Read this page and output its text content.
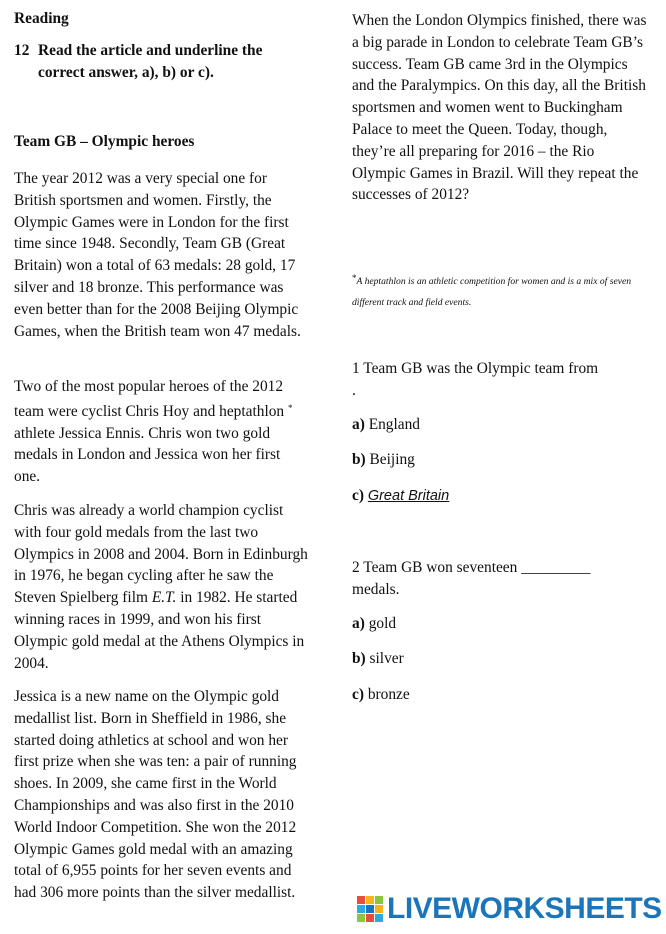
Reading
12 Read the article and underline the correct answer, a), b) or c).
Team GB – Olympic heroes

The year 2012 was a very special one for British sportsmen and women. Firstly, the Olympic Games were in London for the first time since 1948. Secondly, Team GB (Great Britain) won a total of 63 medals: 28 gold, 17 silver and 18 bronze. This performance was even better than for the 2008 Beijing Olympic Games, when the British team won 47 medals.

Two of the most popular heroes of the 2012 team were cyclist Chris Hoy and heptathlon * athlete Jessica Ennis. Chris won two gold medals in London and Jessica won her first one.

Chris was already a world champion cyclist with four gold medals from the last two Olympics in 2008 and 2004. Born in Edinburgh in 1976, he began cycling after he saw the Steven Spielberg film E.T. in 1982. He started winning races in 1999, and won his first Olympic gold medal at the Athens Olympics in 2004.

Jessica is a new name on the Olympic gold medallist list. Born in Sheffield in 1986, she started doing athletics at school and won her first prize when she was ten: a pair of running shoes. In 2009, she came first in the World Championships and was also first in the 2010 World Indoor Competition. She won the 2012 Olympic Games gold medal with an amazing total of 6,955 points for her seven events and had 306 more points than the silver medallist.

When the London Olympics finished, there was a big parade in London to celebrate Team GB’s success. Team GB came 3rd in the Olympics and the Paralympics. On this day, all the British sportsmen and women went to Buckingham Palace to meet the Queen. Today, though, they’re all preparing for 2016 – the Rio Olympic Games in Brazil. Will they repeat the successes of 2012?

*A heptathlon is an athletic competition for women and is a mix of seven different track and field events.
1 Team GB was the Olympic team from
.
a) England
b) Beijing
c) Great Britain
2 Team GB won seventeen _________
medals.
a) gold
b) silver
c) bronze
LIVEWORKSHEETS
